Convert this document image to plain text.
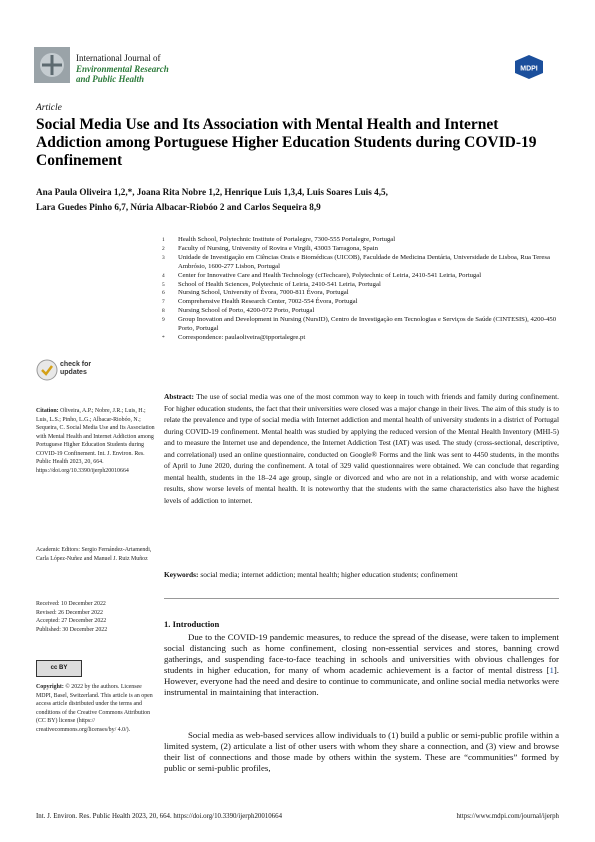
International Journal of
Environmental Research
and Public Health
MDPI
Article
Social Media Use and Its Association with Mental Health and Internet Addiction among Portuguese Higher Education Students during COVID-19 Confinement
Ana Paula Oliveira 1,2,*, Joana Rita Nobre 1,2, Henrique Luis 1,3,4, Luis Soares Luis 4,5,
Lara Guedes Pinho 6,7, Núria Albacar-Riobóo 2 and Carlos Sequeira 8,9
1	Health School, Polytechnic Institute of Portalegre, 7300-555 Portalegre, Portugal
2	Faculty of Nursing, University of Rovira e Virgili, 43003 Tarragona, Spain
3	Unidade de Investigação em Ciências Orais e Biomédicas (UICOB), Faculdade de Medicina Dentária, Universidade de Lisboa, Rua Teresa Ambrósio, 1600-277 Lisbon, Portugal
4	Center for Innovative Care and Health Technology (ciTechcare), Polytechnic of Leiria, 2410-541 Leiria, Portugal
5	School of Health Sciences, Polytechnic of Leiria, 2410-541 Leiria, Portugal
6	Nursing School, University of Évora, 7000-811 Évora, Portugal
7	Comprehensive Health Research Center, 7002-554 Évora, Portugal
8	Nursing School of Porto, 4200-072 Porto, Portugal
9	Group Inovation and Development in Nursing (NursID), Centro de Investigação em Tecnologias e Serviços de Saúde (CINTESIS), 4200-450 Porto, Portugal
*	Correspondence: paulaoliveira@ipportalegre.pt
check for
updates
Citation: Oliveira, A.P.; Nobre, J.R.; Luis, H.; Luis, L.S.; Pinho, L.G.; Albacar-Riobóo, N.; Sequeira, C. Social Media Use and Its Association with Mental Health and Internet Addiction among Portuguese Higher Education Students during COVID-19 Confinement. Int. J. Environ. Res. Public Health 2023, 20, 664. https://doi.org/10.3390/ijerph20010664
Academic Editors: Sergio Fernández-Artamendi, Carla López-Nuñez and Manuel J. Ruiz Muñoz
Received: 10 December 2022
Revised: 26 December 2022
Accepted: 27 December 2022
Published: 30 December 2022
cc BY
Copyright: © 2022 by the authors. Licensee MDPI, Basel, Switzerland. This article is an open access article distributed under the terms and conditions of the Creative Commons Attribution (CC BY) license (https:// creativecommons.org/licenses/by/ 4.0/).
Abstract: The use of social media was one of the most common way to keep in touch with friends and family during confinement. For higher education students, the fact that their universities were closed was a major change in their lives. The aim of this study is to relate the prevalence and type of social media with Internet addiction and mental health of university students in a district of Portugal during COVID-19 confinement. Mental health was studied by applying the reduced version of the Mental Health Inventory (MHI-5) and to measure the Internet use and dependence, the Internet Addiction Test (IAT) was used. The study (cross-sectional, descriptive, and correlational) used an online questionnaire, conducted on Google® Forms and the link was sent to 4450 students, in the months of April to June 2020, during the confinement. A total of 329 valid questionnaires were obtained. We can conclude that regarding mental health, students in the 18–24 age group, single or divorced and who are not in a relationship, and with worse academic results, show worse levels of mental health. It is noteworthy that the students with the same characteristics also have the highest levels of addiction to internet.
Keywords: social media; internet addiction; mental health; higher education students; confinement
1. Introduction

Due to the COVID-19 pandemic measures, to reduce the spread of the disease, were taken to implement social distancing such as home confinement, closing non-essential services and stores, banning crowd gatherings, and suspending face-to-face teaching in schools and universities with obvious challenges for students in higher education, for many of whom academic achievement is a factor of mental distress [1]. However, everyone had the need and desire to continue to communicate, and online social media networks were instrumental in maintaining that interaction.

Social media as web-based services allow individuals to (1) build a public or semi-public profile within a limited system, (2) articulate a list of other users with whom they share a connection, and (3) view and browse their list of connections and those made by others within the system. These are “communities” formed by public or semi-public profiles,

Int. J. Environ. Res. Public Health 2023, 20, 664. https://doi.org/10.3390/ijerph20010664	https://www.mdpi.com/journal/ijerph
